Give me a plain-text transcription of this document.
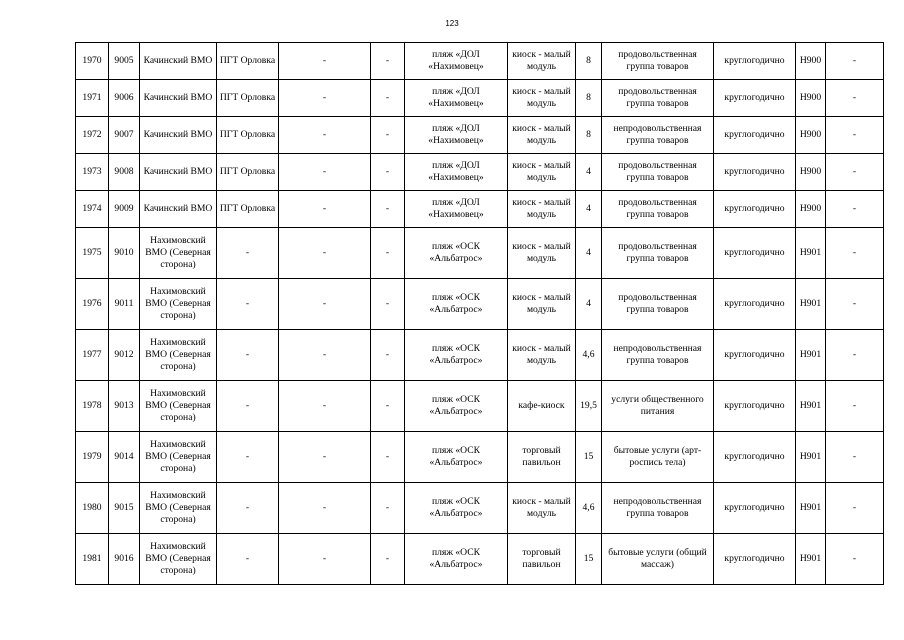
123
1970	9005	Качинский ВМО	ПГТ Орловка	-	-	пляж «ДОЛ «Нахимовец»	киоск - малый модуль	8	продовольственная группа товаров	круглогодично	Н900	-
1971	9006	Качинский ВМО	ПГТ Орловка	-	-	пляж «ДОЛ «Нахимовец»	киоск - малый модуль	8	продовольственная группа товаров	круглогодично	Н900	-
1972	9007	Качинский ВМО	ПГТ Орловка	-	-	пляж «ДОЛ «Нахимовец»	киоск - малый модуль	8	непродовольственная группа товаров	круглогодично	Н900	-
1973	9008	Качинский ВМО	ПГТ Орловка	-	-	пляж «ДОЛ «Нахимовец»	киоск - малый модуль	4	продовольственная группа товаров	круглогодично	Н900	-
1974	9009	Качинский ВМО	ПГТ Орловка	-	-	пляж «ДОЛ «Нахимовец»	киоск - малый модуль	4	продовольственная группа товаров	круглогодично	Н900	-
1975	9010	Нахимовский ВМО (Северная сторона)	-	-	-	пляж «ОСК «Альбатрос»	киоск - малый модуль	4	продовольственная группа товаров	круглогодично	Н901	-
1976	9011	Нахимовский ВМО (Северная сторона)	-	-	-	пляж «ОСК «Альбатрос»	киоск - малый модуль	4	продовольственная группа товаров	круглогодично	Н901	-
1977	9012	Нахимовский ВМО (Северная сторона)	-	-	-	пляж «ОСК «Альбатрос»	киоск - малый модуль	4,6	непродовольственная группа товаров	круглогодично	Н901	-
1978	9013	Нахимовский ВМО (Северная сторона)	-	-	-	пляж «ОСК «Альбатрос»	кафе-киоск	19,5	услуги общественного питания	круглогодично	Н901	-
1979	9014	Нахимовский ВМО (Северная сторона)	-	-	-	пляж «ОСК «Альбатрос»	торговый павильон	15	бытовые услуги (арт-роспись тела)	круглогодично	Н901	-
1980	9015	Нахимовский ВМО (Северная сторона)	-	-	-	пляж «ОСК «Альбатрос»	киоск - малый модуль	4,6	непродовольственная группа товаров	круглогодично	Н901	-
1981	9016	Нахимовский ВМО (Северная сторона)	-	-	-	пляж «ОСК «Альбатрос»	торговый павильон	15	бытовые услуги (общий массаж)	круглогодично	Н901	-
